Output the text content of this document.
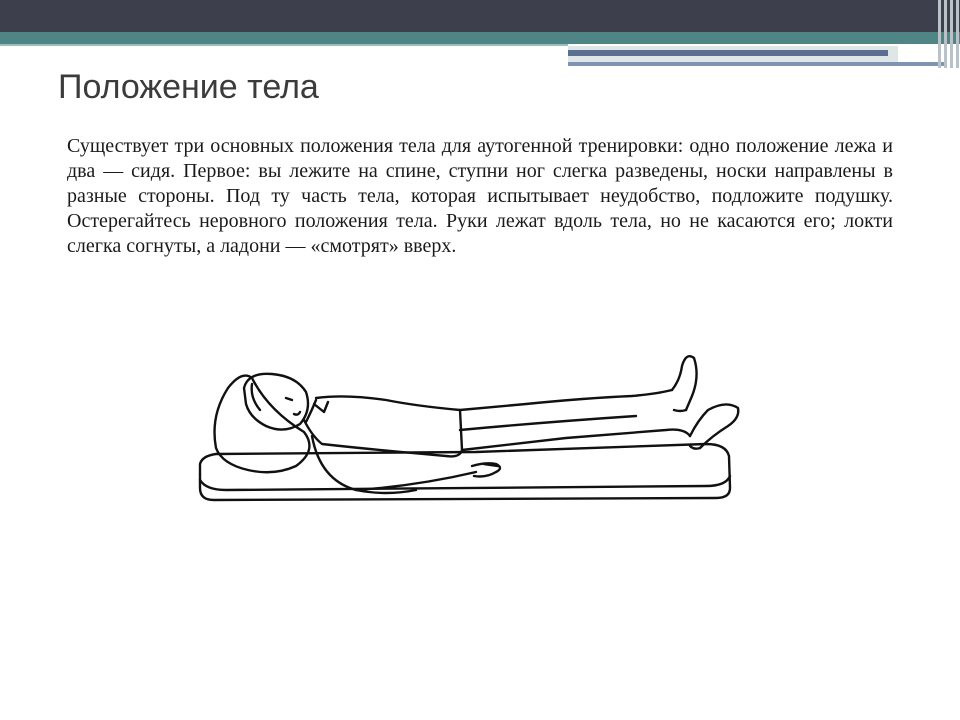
Положение тела

Существует три основных положения тела для аутогенной тренировки: одно положение лежа и два — сидя. Первое: вы лежите на спине, ступни ног слегка разведены, носки направлены в разные стороны. Под ту часть тела, которая испытывает неудобство, подложите подушку. Остерегайтесь неровного положения тела. Руки лежат вдоль тела, но не касаются его; локти слегка согнуты, а ладони — «смотрят» вверх.
